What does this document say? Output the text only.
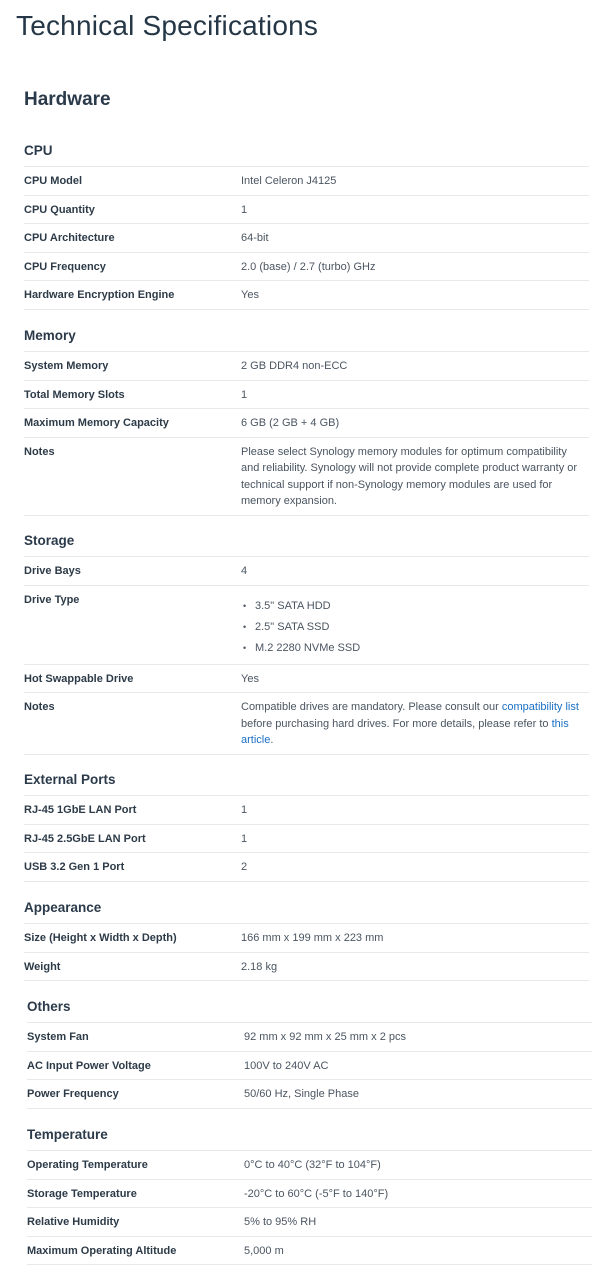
Technical Specifications
Hardware
CPU
CPU Model	Intel Celeron J4125
CPU Quantity	1
CPU Architecture	64-bit
CPU Frequency	2.0 (base) / 2.7 (turbo) GHz
Hardware Encryption Engine	Yes
Memory
System Memory	2 GB DDR4 non-ECC
Total Memory Slots	1
Maximum Memory Capacity	6 GB (2 GB + 4 GB)
Notes	Please select Synology memory modules for optimum compatibility and reliability. Synology will not provide complete product warranty or technical support if non-Synology memory modules are used for memory expansion.
Storage
Drive Bays	4
Drive Type	• 3.5" SATA HDD
• 2.5" SATA SSD
• M.2 2280 NVMe SSD
Hot Swappable Drive	Yes
Notes	Compatible drives are mandatory. Please consult our compatibility list before purchasing hard drives. For more details, please refer to this article.
External Ports
RJ-45 1GbE LAN Port	1
RJ-45 2.5GbE LAN Port	1
USB 3.2 Gen 1 Port	2
Appearance
Size (Height x Width x Depth)	166 mm x 199 mm x 223 mm
Weight	2.18 kg
Others
System Fan	92 mm x 92 mm x 25 mm x 2 pcs
AC Input Power Voltage	100V to 240V AC
Power Frequency	50/60 Hz, Single Phase
Temperature
Operating Temperature	0°C to 40°C (32°F to 104°F)
Storage Temperature	-20°C to 60°C (-5°F to 140°F)
Relative Humidity	5% to 95% RH
Maximum Operating Altitude	5,000 m
